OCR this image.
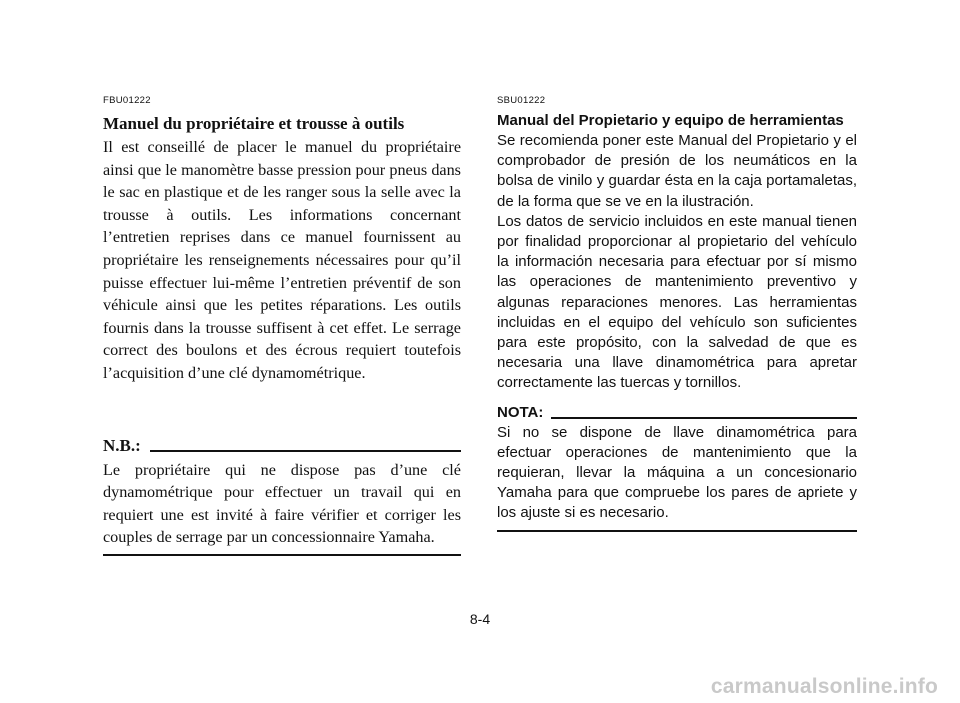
FBU01222
Manuel du propriétaire et trousse à outils
Il est conseillé de placer le manuel du propriétaire ainsi que le manomètre basse pression pour pneus dans le sac en plastique et de les ranger sous la selle avec la trousse à outils. Les informations concernant l’entretien reprises dans ce manuel fournissent au propriétaire les renseignements nécessaires pour qu’il puisse effectuer lui-même l’entretien préventif de son véhicule ainsi que les petites réparations. Les outils fournis dans la trousse suffisent à cet effet. Le serrage correct des boulons et des écrous requiert toutefois l’acquisition d’une clé dynamométrique.
N.B.:
Le propriétaire qui ne dispose pas d’une clé dynamométrique pour effectuer un travail qui en requiert une est invité à faire vérifier et corriger les couples de serrage par un concessionnaire Yamaha.
SBU01222
Manual del Propietario y equipo de herramientas
Se recomienda poner este Manual del Propietario y el comprobador de presión de los neumáticos en la bolsa de vinilo y guardar ésta en la caja portamaletas, de la forma que se ve en la ilustración.
Los datos de servicio incluidos en este manual tienen por finalidad proporcionar al propietario del vehículo la información necesaria para efectuar por sí mismo las operaciones de mantenimiento preventivo y algunas reparaciones menores. Las herramientas incluidas en el equipo del vehículo son suficientes para este propósito, con la salvedad de que es necesaria una llave dinamométrica para apretar correctamente las tuercas y tornillos.
NOTA:
Si no se dispone de llave dinamométrica para efectuar operaciones de mantenimiento que la requieran, llevar la máquina a un concesionario Yamaha para que compruebe los pares de apriete y los ajuste si es necesario.
8-4
carmanualsonline.info
